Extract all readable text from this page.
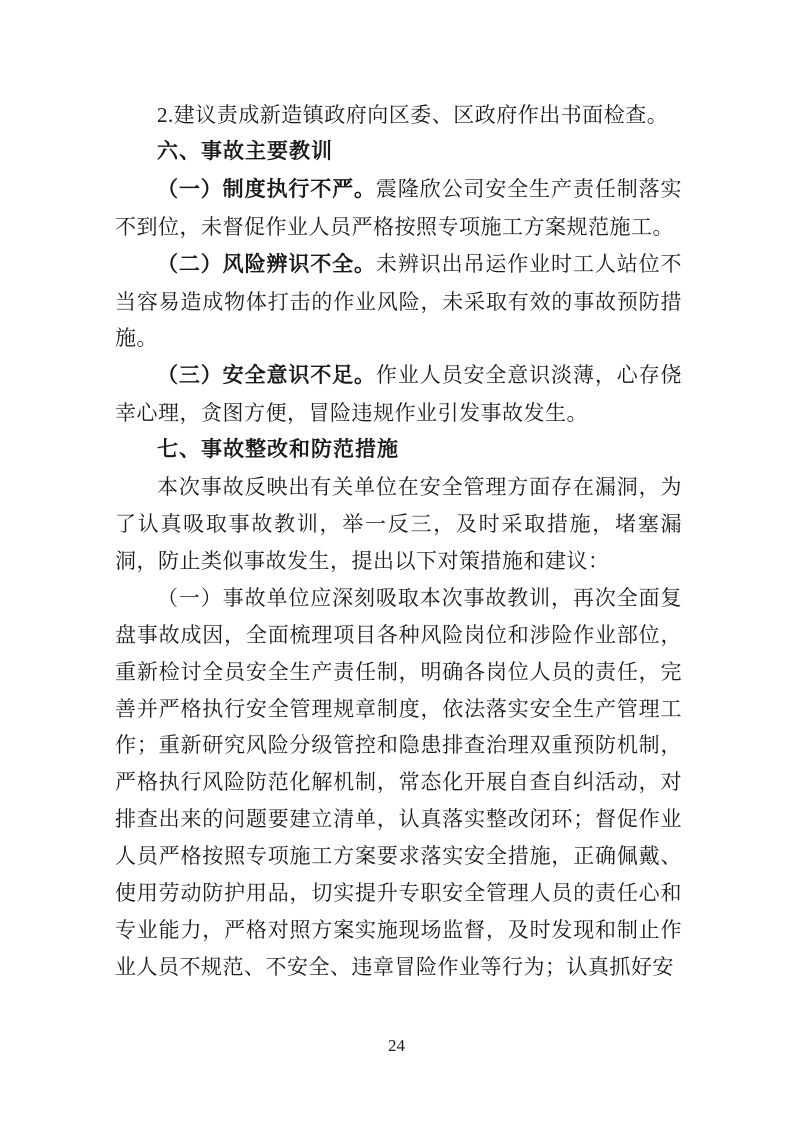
2.建议责成新造镇政府向区委、区政府作出书面检查。

六、事故主要教训

（一）制度执行不严。震隆欣公司安全生产责任制落实不到位，未督促作业人员严格按照专项施工方案规范施工。

（二）风险辨识不全。未辨识出吊运作业时工人站位不当容易造成物体打击的作业风险，未采取有效的事故预防措施。

（三）安全意识不足。作业人员安全意识淡薄，心存侥幸心理，贪图方便，冒险违规作业引发事故发生。

七、事故整改和防范措施

本次事故反映出有关单位在安全管理方面存在漏洞，为了认真吸取事故教训，举一反三，及时采取措施，堵塞漏洞，防止类似事故发生，提出以下对策措施和建议：

（一）事故单位应深刻吸取本次事故教训，再次全面复盘事故成因，全面梳理项目各种风险岗位和涉险作业部位，重新检讨全员安全生产责任制，明确各岗位人员的责任，完善并严格执行安全管理规章制度，依法落实安全生产管理工作；重新研究风险分级管控和隐患排查治理双重预防机制，严格执行风险防范化解机制，常态化开展自查自纠活动，对排查出来的问题要建立清单，认真落实整改闭环；督促作业人员严格按照专项施工方案要求落实安全措施，正确佩戴、使用劳动防护用品，切实提升专职安全管理人员的责任心和专业能力，严格对照方案实施现场监督，及时发现和制止作业人员不规范、不安全、违章冒险作业等行为；认真抓好安

24
